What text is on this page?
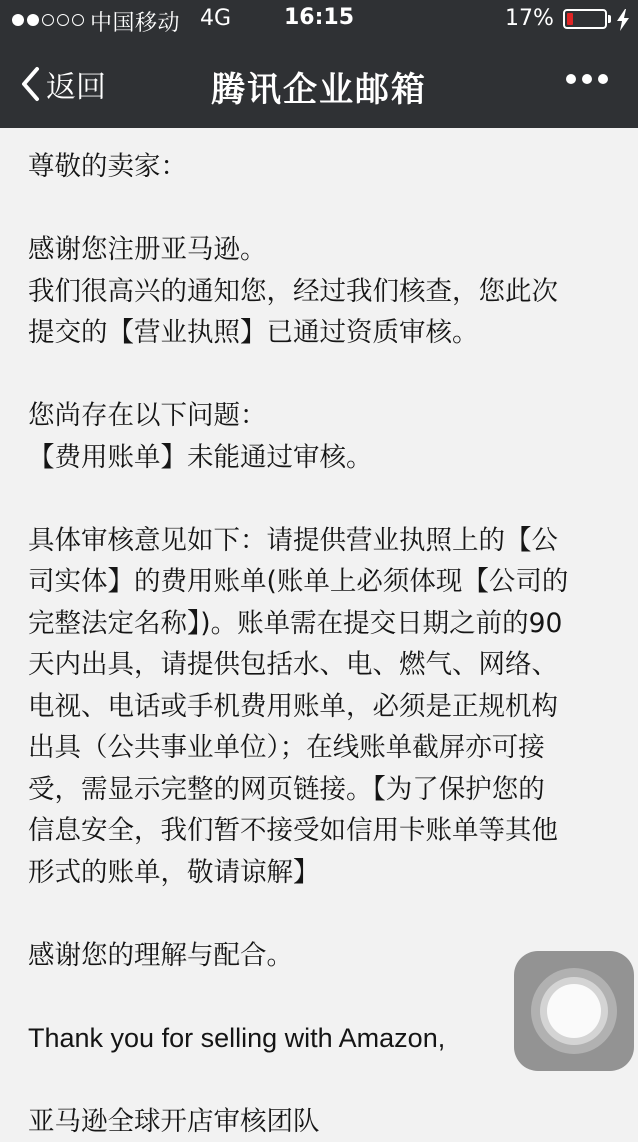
中国移动 4G	16:15	17%
返回	腾讯企业邮箱
尊敬的卖家：
感谢您注册亚马逊。
我们很高兴的通知您，经过我们核查，您此次
提交的【营业执照】已通过资质审核。
您尚存在以下问题：
【费用账单】未能通过审核。
具体审核意见如下：请提供营业执照上的【公
司实体】的费用账单(账单上必须体现【公司的
完整法定名称】)。账单需在提交日期之前的90
天内出具，请提供包括水、电、燃气、网络、
电视、电话或手机费用账单，必须是正规机构
出具（公共事业单位）；在线账单截屏亦可接
受，需显示完整的网页链接。【为了保护您的
信息安全，我们暂不接受如信用卡账单等其他
形式的账单，敬请谅解】
感谢您的理解与配合。
Thank you for selling with Amazon,
亚马逊全球开店审核团队
